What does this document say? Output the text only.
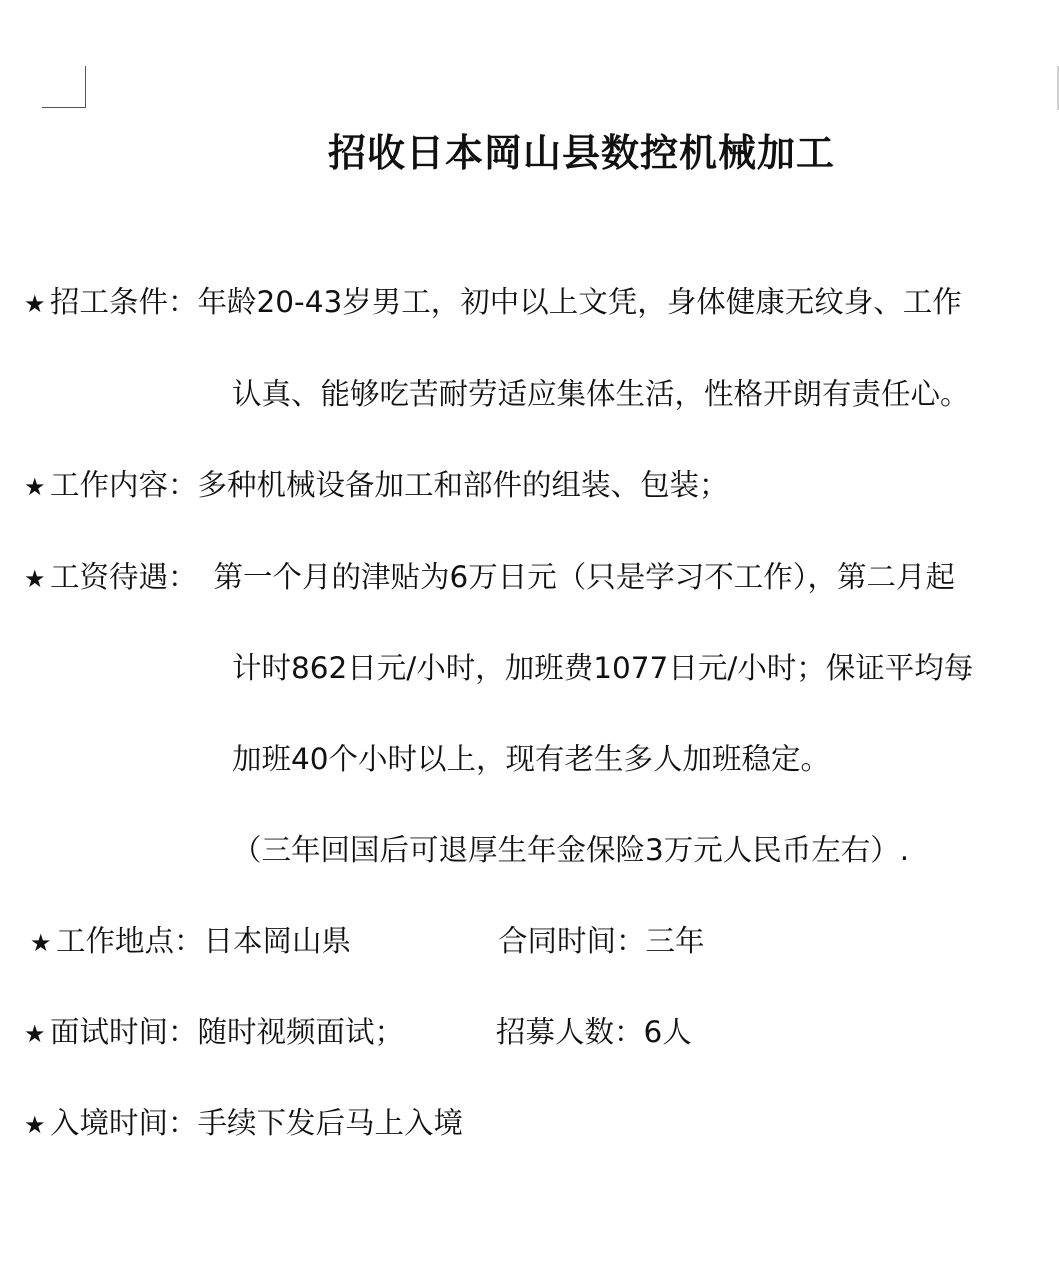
招收日本岡山县数控机械加工
★ 招工条件：年龄20-43岁男工，初中以上文凭，身体健康无纹身、工作
认真、能够吃苦耐劳适应集体生活，性格开朗有责任心。
★ 工作内容：多种机械设备加工和部件的组装、包装；
★ 工资待遇： 第一个月的津贴为6万日元（只是学习不工作），第二月起
计时862日元/小时，加班费1077日元/小时；保证平均每
加班40个小时以上，现有老生多人加班稳定。
（三年回国后可退厚生年金保险3万元人民币左右）.
★ 工作地点：日本岡山県	合同时间：三年
★ 面试时间：随时视频面试；	招募人数：6人
★ 入境时间：手续下发后马上入境
